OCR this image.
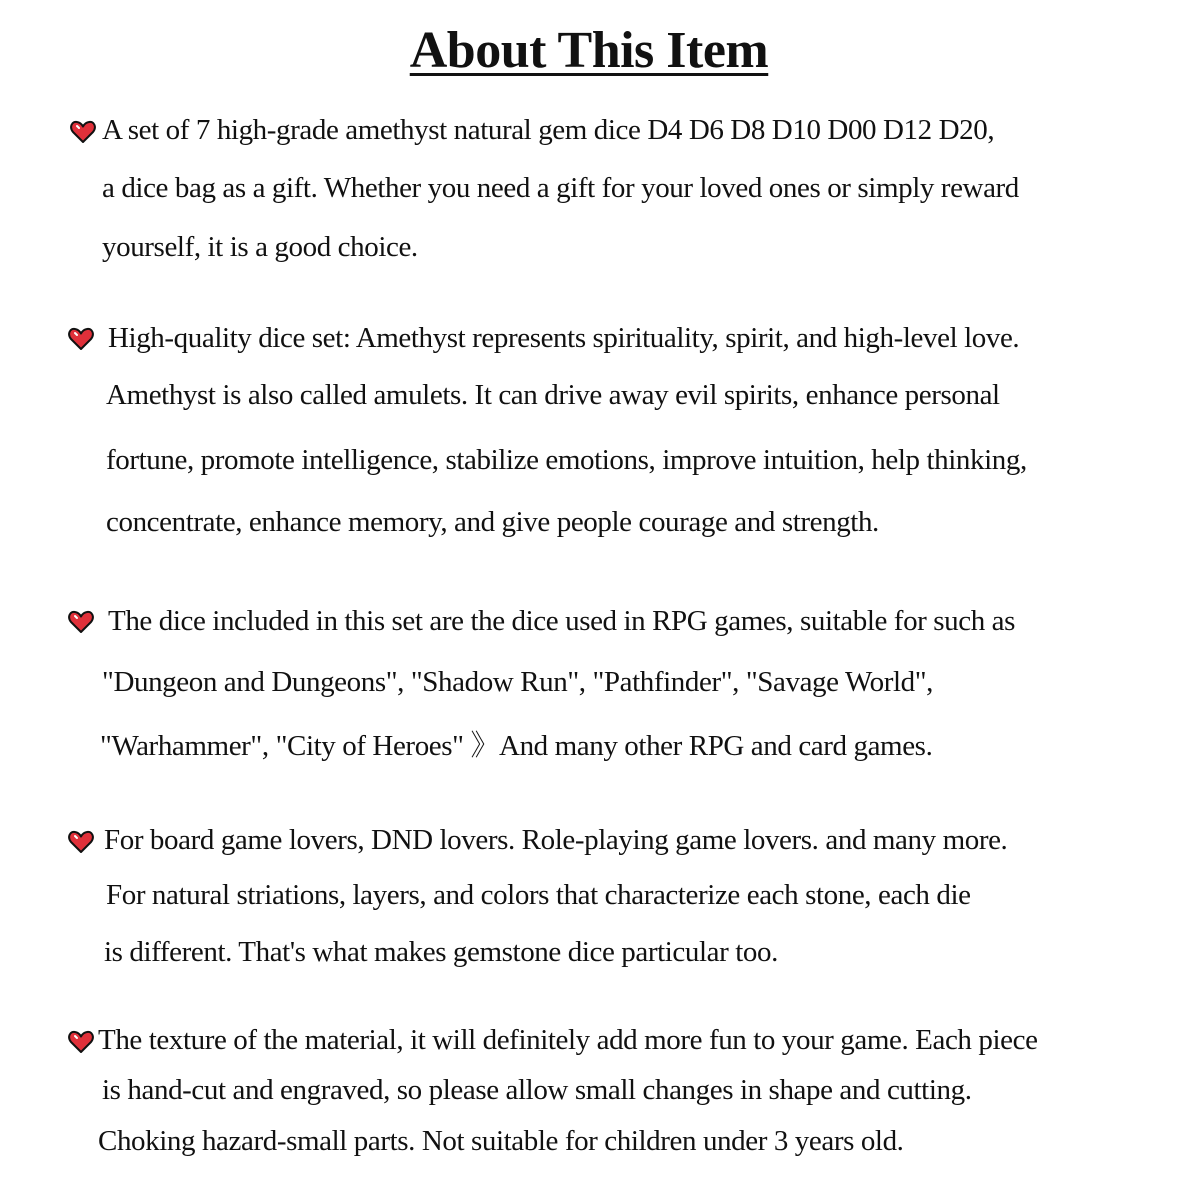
About This Item
A set of 7 high-grade amethyst natural gem dice D4 D6 D8 D10 D00 D12 D20,
a dice bag as a gift. Whether you need a gift for your loved ones or simply reward
yourself, it is a good choice.
High-quality dice set: Amethyst represents spirituality, spirit, and high-level love.
Amethyst is also called amulets. It can drive away evil spirits, enhance personal
fortune, promote intelligence, stabilize emotions, improve intuition, help thinking,
concentrate, enhance memory, and give people courage and strength.
The dice included in this set are the dice used in RPG games, suitable for such as
"Dungeon and Dungeons", "Shadow Run", "Pathfinder", "Savage World",
"Warhammer", "City of Heroes" 》And many other RPG and card games.
For board game lovers, DND lovers. Role-playing game lovers. and many more.
For natural striations, layers, and colors that characterize each stone, each die
is different. That's what makes gemstone dice particular too.
The texture of the material, it will definitely add more fun to your game. Each piece
is hand-cut and engraved, so please allow small changes in shape and cutting.
Choking hazard-small parts. Not suitable for children under 3 years old.
